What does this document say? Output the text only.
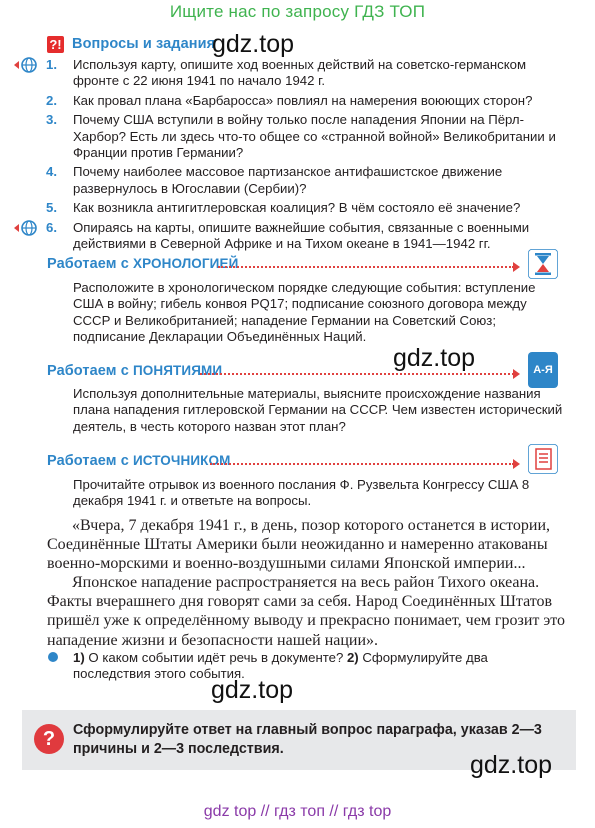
Ищите нас по запросу ГДЗ ТОП
?! Вопросы и задания
gdz.top
1. Используя карту, опишите ход военных действий на советско-германском фронте с 22 июня 1941 по начало 1942 г.
2. Как провал плана «Барбаросса» повлиял на намерения воюющих сторон?
3. Почему США вступили в войну только после нападения Японии на Пёрл-Харбор? Есть ли здесь что-то общее со «странной войной» Великобритании и Франции против Германии?
4. Почему наиболее массовое партизанское антифашистское движение развернулось в Югославии (Сербии)?
5. Как возникла антигитлеровская коалиция? В чём состояло её значение?
6. Опираясь на карты, опишите важнейшие события, связанные с военными действиями в Северной Африке и на Тихом океане в 1941—1942 гг.
Работаем с ХРОНОЛОГИЕЙ
Расположите в хронологическом порядке следующие события: вступление США в войну; гибель конвоя PQ17; подписание союзного договора между СССР и Великобританией; нападение Германии на Советский Союз; подписание Декларации Объединённых Наций.
Работаем с ПОНЯТИЯМИ	gdz.top	А-Я
Используя дополнительные материалы, выясните происхождение названия плана нападения гитлеровской Германии на СССР. Чем известен исторический деятель, в честь которого назван этот план?
Работаем с ИСТОЧНИКОМ
Прочитайте отрывок из военного послания Ф. Рузвельта Конгрессу США 8 декабря 1941 г. и ответьте на вопросы.
«Вчера, 7 декабря 1941 г., в день, позор которого останется в истории, Соединённые Штаты Америки были неожиданно и намеренно атакованы военно-морскими и военно-воздушными силами Японской империи...
Японское нападение распространяется на весь район Тихого океана. Факты вчерашнего дня говорят сами за себя. Народ Соединённых Штатов пришёл уже к определённому выводу и прекрасно понимает, чем грозит это нападение жизни и безопасности нашей нации».
1) О каком событии идёт речь в документе? 2) Сформулируйте два последствия этого события.
gdz.top
?	Сформулируйте ответ на главный вопрос параграфа, указав 2—3 причины и 2—3 последствия.
gdz.top
gdz top // гдз топ // гдз top
